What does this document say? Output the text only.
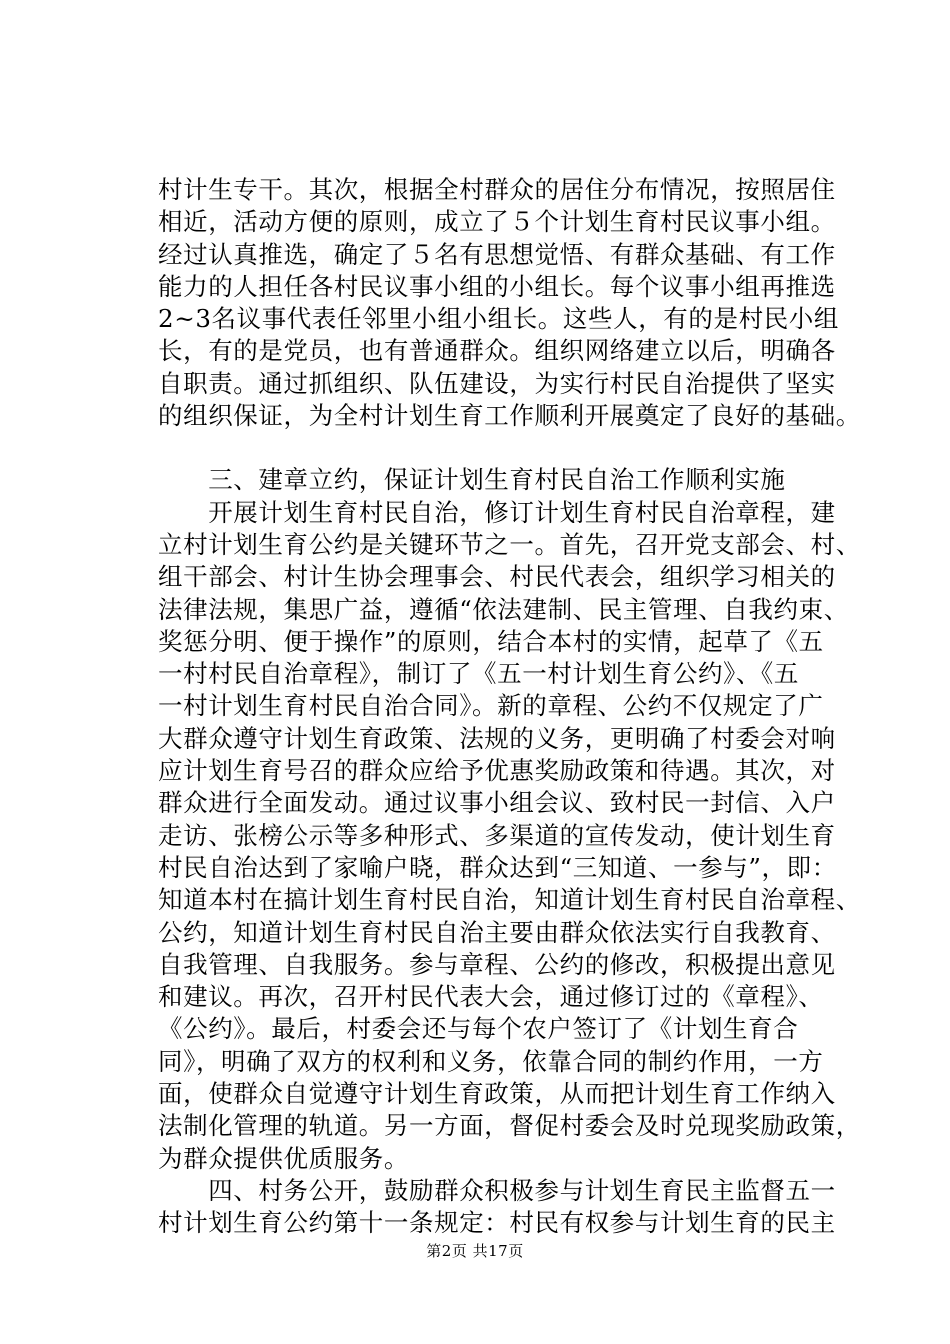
村计生专干。其次，根据全村群众的居住分布情况，按照居住
相近，活动方便的原则，成立了５个计划生育村民议事小组。
经过认真推选，确定了５名有思想觉悟、有群众基础、有工作
能力的人担任各村民议事小组的小组长。每个议事小组再推选
2~3名议事代表任邻里小组小组长。这些人，有的是村民小组
长，有的是党员，也有普通群众。组织网络建立以后，明确各
自职责。通过抓组织、队伍建设，为实行村民自治提供了坚实
的组织保证，为全村计划生育工作顺利开展奠定了良好的基础。
　　三、建章立约，保证计划生育村民自治工作顺利实施
　　开展计划生育村民自治，修订计划生育村民自治章程，建
立村计划生育公约是关键环节之一。首先，召开党支部会、村、
组干部会、村计生协会理事会、村民代表会，组织学习相关的
法律法规，集思广益，遵循“依法建制、民主管理、自我约束、
奖惩分明、便于操作”的原则，结合本村的实情，起草了《五
一村村民自治章程》，制订了《五一村计划生育公约》、《五
一村计划生育村民自治合同》。新的章程、公约不仅规定了广
大群众遵守计划生育政策、法规的义务，更明确了村委会对响
应计划生育号召的群众应给予优惠奖励政策和待遇。其次，对
群众进行全面发动。通过议事小组会议、致村民一封信、入户
走访、张榜公示等多种形式、多渠道的宣传发动，使计划生育
村民自治达到了家喻户晓，群众达到“三知道、一参与”，即：
知道本村在搞计划生育村民自治，知道计划生育村民自治章程、
公约，知道计划生育村民自治主要由群众依法实行自我教育、
自我管理、自我服务。参与章程、公约的修改，积极提出意见
和建议。再次，召开村民代表大会，通过修订过的《章程》、
《公约》。最后，村委会还与每个农户签订了《计划生育合
同》，明确了双方的权利和义务，依靠合同的制约作用，一方
面，使群众自觉遵守计划生育政策，从而把计划生育工作纳入
法制化管理的轨道。另一方面，督促村委会及时兑现奖励政策，
为群众提供优质服务。
　　四、村务公开，鼓励群众积极参与计划生育民主监督五一
村计划生育公约第十一条规定：村民有权参与计划生育的民主
第2页 共17页
